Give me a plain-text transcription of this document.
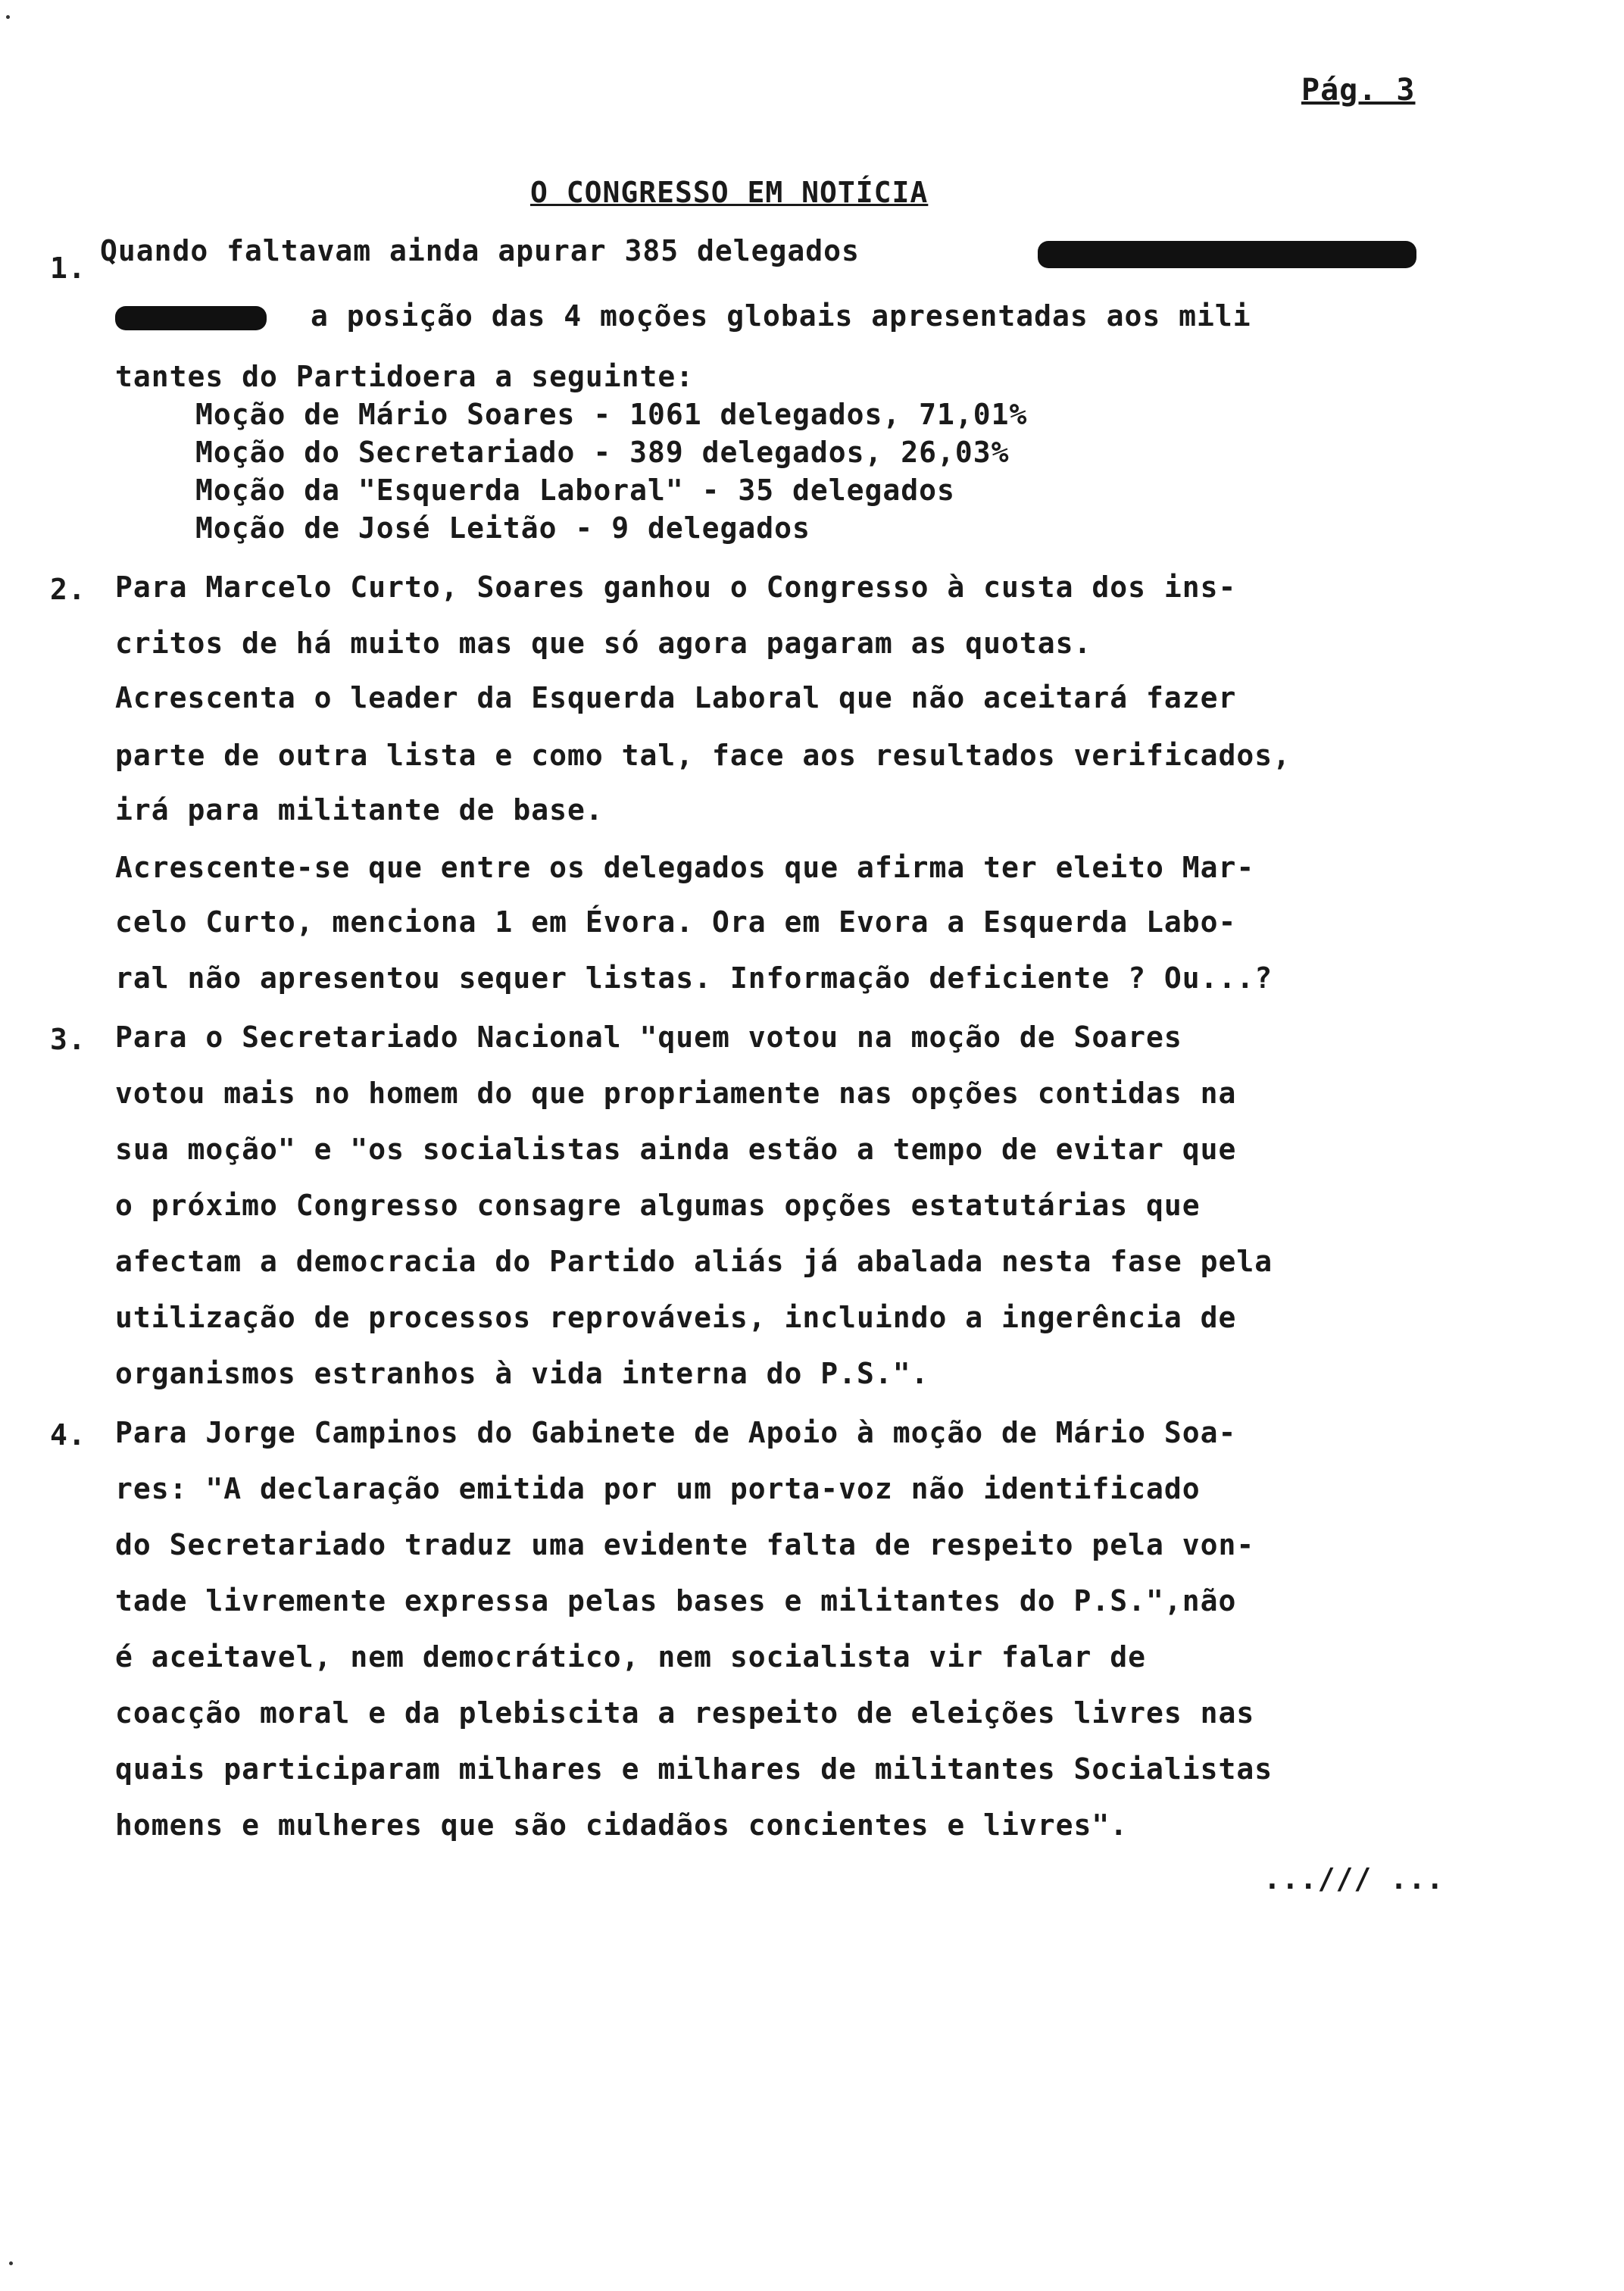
Pág. 3
O CONGRESSO EM NOTÍCIA
1.
Quando faltavam ainda apurar 385 delegados
a posição das 4 moções globais apresentadas aos mili
tantes do Partidoera a seguinte:
Moção de Mário Soares - 1061 delegados, 71,01%
Moção do Secretariado - 389 delegados, 26,03%
Moção da "Esquerda Laboral" - 35 delegados
Moção de José Leitão - 9 delegados
2. Para Marcelo Curto, Soares ganhou o Congresso à custa dos ins-
critos de há muito mas que só agora pagaram as quotas.
Acrescenta o leader da Esquerda Laboral que não aceitará fazer
parte de outra lista e como tal, face aos resultados verificados,
irá para militante de base.
Acrescente-se que entre os delegados que afirma ter eleito Mar-
celo Curto, menciona 1 em Évora. Ora em Evora a Esquerda Labo-
ral não apresentou sequer listas. Informação deficiente ? Ou...?
3. Para o Secretariado Nacional "quem votou na moção de Soares
votou mais no homem do que propriamente nas opções contidas na
sua moção" e "os socialistas ainda estão a tempo de evitar que
o próximo Congresso consagre algumas opções estatutárias que
afectam a democracia do Partido aliás já abalada nesta fase pela
utilização de processos reprováveis, incluindo a ingerência de
organismos estranhos à vida interna do P.S.".
4. Para Jorge Campinos do Gabinete de Apoio à moção de Mário Soa-
res: "A declaração emitida por um porta-voz não identificado
do Secretariado traduz uma evidente falta de respeito pela von-
tade livremente expressa pelas bases e militantes do P.S.",não
é aceitavel, nem democrático, nem socialista vir falar de
coacção moral e da plebiscita a respeito de eleições livres nas
quais participaram milhares e milhares de militantes Socialistas
homens e mulheres que são cidadãos concientes e livres".
.../// ...
